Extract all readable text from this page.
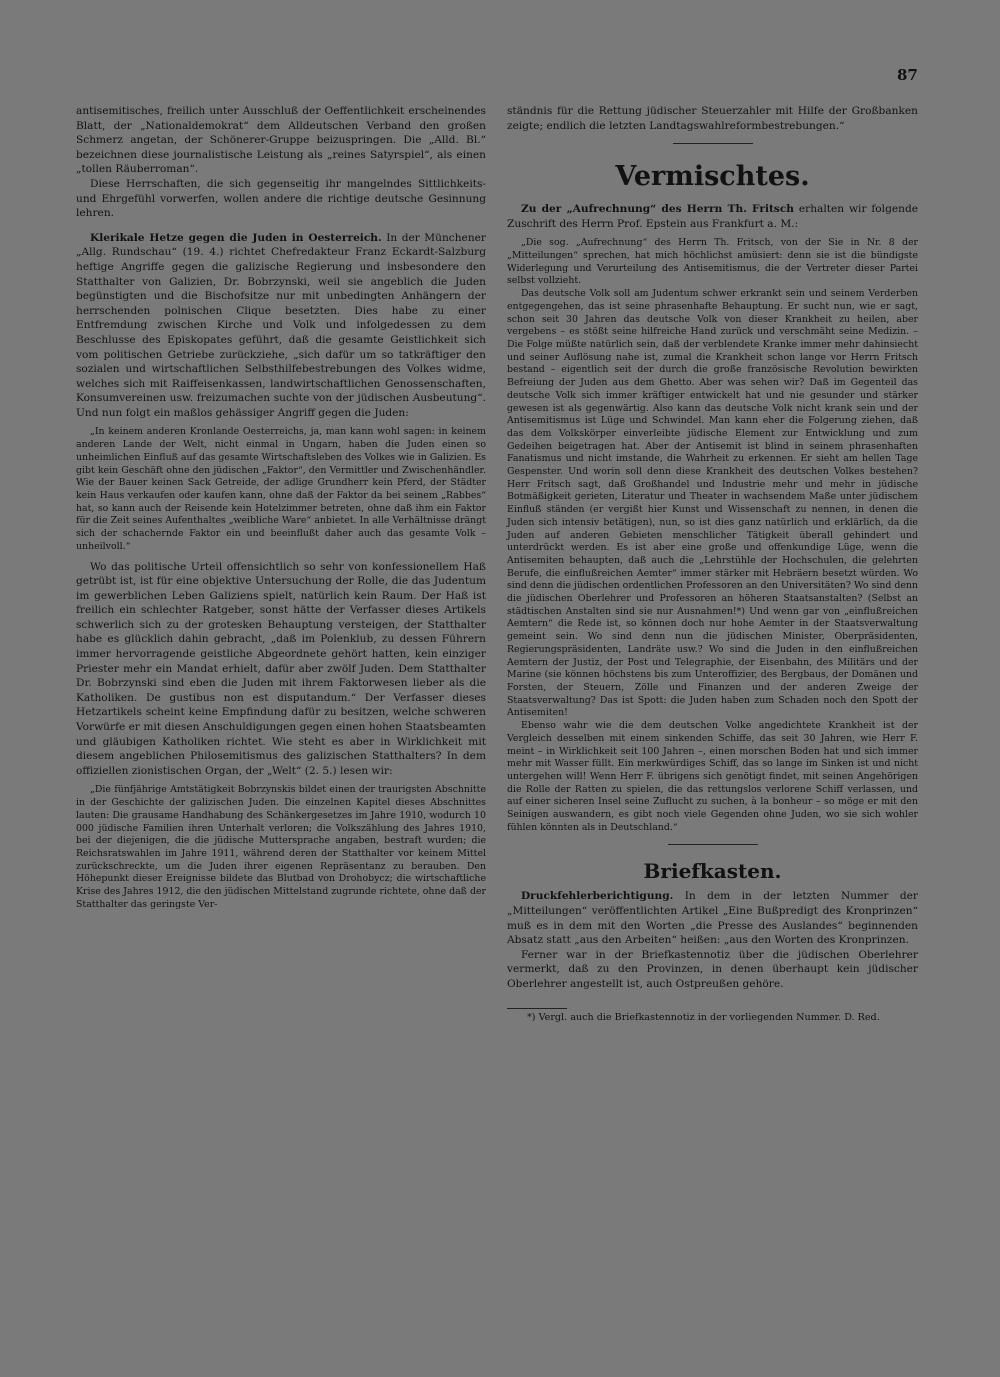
87

antisemitisches, freilich unter Ausschluß der Oeffentlichkeit erscheinendes Blatt, der „Nationaldemokrat“ dem Alldeutschen Verband den großen Schmerz angetan, der Schönerer-Gruppe beizuspringen. Die „Alld. Bl.“ bezeichnen diese journalistische Leistung als „reines Satyrspiel“, als einen „tollen Räuberroman“.

Diese Herrschaften, die sich gegenseitig ihr mangelndes Sittlichkeits- und Ehrgefühl vorwerfen, wollen andere die richtige deutsche Gesinnung lehren.

Klerikale Hetze gegen die Juden in Oesterreich. In der Münchener „Allg. Rundschau“ (19. 4.) richtet Chefredakteur Franz Eckardt-Salzburg heftige Angriffe gegen die galizische Regierung und insbesondere den Statthalter von Galizien, Dr. Bobrzynski, weil sie angeblich die Juden begünstigten und die Bischofsitze nur mit unbedingten Anhängern der herrschenden polnischen Clique besetzten. Dies habe zu einer Entfremdung zwischen Kirche und Volk und infolgedessen zu dem Beschlusse des Episkopates geführt, daß die gesamte Geistlichkeit sich vom politischen Getriebe zurückziehe, „sich dafür um so tatkräftiger den sozialen und wirtschaftlichen Selbsthilfebestrebungen des Volkes widme, welches sich mit Raiffeisenkassen, landwirtschaftlichen Genossenschaften, Konsumvereinen usw. freizumachen suchte von der jüdischen Ausbeutung“. Und nun folgt ein maßlos gehässiger Angriff gegen die Juden:

„In keinem anderen Kronlande Oesterreichs, ja, man kann wohl sagen: in keinem anderen Lande der Welt, nicht einmal in Ungarn, haben die Juden einen so unheimlichen Einfluß auf das gesamte Wirtschaftsleben des Volkes wie in Galizien. Es gibt kein Geschäft ohne den jüdischen „Faktor“, den Vermittler und Zwischenhändler. Wie der Bauer keinen Sack Getreide, der adlige Grundherr kein Pferd, der Städter kein Haus verkaufen oder kaufen kann, ohne daß der Faktor da bei seinem „Rabbes“ hat, so kann auch der Reisende kein Hotelzimmer betreten, ohne daß ihm ein Faktor für die Zeit seines Aufenthaltes „weibliche Ware“ anbietet. In alle Verhältnisse drängt sich der schachernde Faktor ein und beeinflußt daher auch das gesamte Volk – unheilvoll.“

Wo das politische Urteil offensichtlich so sehr von konfessionellem Haß getrübt ist, ist für eine objektive Untersuchung der Rolle, die das Judentum im gewerblichen Leben Galiziens spielt, natürlich kein Raum. Der Haß ist freilich ein schlechter Ratgeber, sonst hätte der Verfasser dieses Artikels schwerlich sich zu der grotesken Behauptung versteigen, der Statthalter habe es glücklich dahin gebracht, „daß im Polenklub, zu dessen Führern immer hervorragende geistliche Abgeordnete gehört hatten, kein einziger Priester mehr ein Mandat erhielt, dafür aber zwölf Juden. Dem Statthalter Dr. Bobrzynski sind eben die Juden mit ihrem Faktorwesen lieber als die Katholiken. De gustibus non est disputandum.“ Der Verfasser dieses Hetzartikels scheint keine Empfindung dafür zu besitzen, welche schweren Vorwürfe er mit diesen Anschuldigungen gegen einen hohen Staatsbeamten und gläubigen Katholiken richtet. Wie steht es aber in Wirklichkeit mit diesem angeblichen Philosemitismus des galizischen Statthalters? In dem offiziellen zionistischen Organ, der „Welt“ (2. 5.) lesen wir:

„Die fünfjährige Amtstätigkeit Bobrzynskis bildet einen der traurigsten Abschnitte in der Geschichte der galizischen Juden. Die einzelnen Kapitel dieses Abschnittes lauten: Die grausame Handhabung des Schänkergesetzes im Jahre 1910, wodurch 10 000 jüdische Familien ihren Unterhalt verloren; die Volkszählung des Jahres 1910, bei der diejenigen, die die jüdische Muttersprache angaben, bestraft wurden; die Reichsratswahlen im Jahre 1911, während deren der Statthalter vor keinem Mittel zurückschreckte, um die Juden ihrer eigenen Repräsentanz zu berauben. Den Höhepunkt dieser Ereignisse bildete das Blutbad von Drohobycz; die wirtschaftliche Krise des Jahres 1912, die den jüdischen Mittelstand zugrunde richtete, ohne daß der Statthalter das geringste Ver-

ständnis für die Rettung jüdischer Steuerzahler mit Hilfe der Großbanken zeigte; endlich die letzten Landtagswahlreformbestrebungen.“

Vermischtes.

Zu der „Aufrechnung“ des Herrn Th. Fritsch erhalten wir folgende Zuschrift des Herrn Prof. Epstein aus Frankfurt a. M.:

„Die sog. „Aufrechnung“ des Herrn Th. Fritsch, von der Sie in Nr. 8 der „Mitteilungen“ sprechen, hat mich höchlichst amüsiert: denn sie ist die bündigste Widerlegung und Verurteilung des Antisemitismus, die der Vertreter dieser Partei selbst vollzieht.

Das deutsche Volk soll am Judentum schwer erkrankt sein und seinem Verderben entgegengehen, das ist seine phrasenhafte Behauptung. Er sucht nun, wie er sagt, schon seit 30 Jahren das deutsche Volk von dieser Krankheit zu heilen, aber vergebens – es stößt seine hilfreiche Hand zurück und verschmäht seine Medizin. – Die Folge müßte natürlich sein, daß der verblendete Kranke immer mehr dahinsiecht und seiner Auflösung nahe ist, zumal die Krankheit schon lange vor Herrn Fritsch bestand – eigentlich seit der durch die große französische Revolution bewirkten Befreiung der Juden aus dem Ghetto. Aber was sehen wir? Daß im Gegenteil das deutsche Volk sich immer kräftiger entwickelt hat und nie gesunder und stärker gewesen ist als gegenwärtig. Also kann das deutsche Volk nicht krank sein und der Antisemitismus ist Lüge und Schwindel. Man kann eher die Folgerung ziehen, daß das dem Volkskörper einverleibte jüdische Element zur Entwicklung und zum Gedeihen beigetragen hat. Aber der Antisemit ist blind in seinem phrasenhaften Fanatismus und nicht imstande, die Wahrheit zu erkennen. Er sieht am hellen Tage Gespenster. Und worin soll denn diese Krankheit des deutschen Volkes bestehen? Herr Fritsch sagt, daß Großhandel und Industrie mehr und mehr in jüdische Botmäßigkeit gerieten, Literatur und Theater in wachsendem Maße unter jüdischem Einfluß ständen (er vergißt hier Kunst und Wissenschaft zu nennen, in denen die Juden sich intensiv betätigen), nun, so ist dies ganz natürlich und erklärlich, da die Juden auf anderen Gebieten menschlicher Tätigkeit überall gehindert und unterdrückt werden. Es ist aber eine große und offenkundige Lüge, wenn die Antisemiten behaupten, daß auch die „Lehrstühle der Hochschulen, die gelehrten Berufe, die einflußreichen Aemter“ immer stärker mit Hebräern besetzt würden. Wo sind denn die jüdischen ordentlichen Professoren an den Universitäten? Wo sind denn die jüdischen Oberlehrer und Professoren an höheren Staatsanstalten? (Selbst an städtischen Anstalten sind sie nur Ausnahmen!*) Und wenn gar von „einflußreichen Aemtern“ die Rede ist, so können doch nur hohe Aemter in der Staatsverwaltung gemeint sein. Wo sind denn nun die jüdischen Minister, Oberpräsidenten, Regierungspräsidenten, Landräte usw.? Wo sind die Juden in den einflußreichen Aemtern der Justiz, der Post und Telegraphie, der Eisenbahn, des Militärs und der Marine (sie können höchstens bis zum Unteroffizier, des Bergbaus, der Domänen und Forsten, der Steuern, Zölle und Finanzen und der anderen Zweige der Staatsverwaltung? Das ist Spott: die Juden haben zum Schaden noch den Spott der Antisemiten!

Ebenso wahr wie die dem deutschen Volke angedichtete Krankheit ist der Vergleich desselben mit einem sinkenden Schiffe, das seit 30 Jahren, wie Herr F. meint – in Wirklichkeit seit 100 Jahren –, einen morschen Boden hat und sich immer mehr mit Wasser füllt. Ein merkwürdiges Schiff, das so lange im Sinken ist und nicht untergehen will! Wenn Herr F. übrigens sich genötigt findet, mit seinen Angehörigen die Rolle der Ratten zu spielen, die das rettungslos verlorene Schiff verlassen, und auf einer sicheren Insel seine Zuflucht zu suchen, à la bonheur – so möge er mit den Seinigen auswandern, es gibt noch viele Gegenden ohne Juden, wo sie sich wohler fühlen könnten als in Deutschland.“

Briefkasten.

Druckfehlerberichtigung. In dem in der letzten Nummer der „Mitteilungen“ veröffentlichten Artikel „Eine Bußpredigt des Kronprinzen“ muß es in dem mit den Worten „die Presse des Auslandes“ beginnenden Absatz statt „aus den Arbeiten“ heißen: „aus den Worten des Kronprinzen.

Ferner war in der Briefkastennotiz über die jüdischen Oberlehrer vermerkt, daß zu den Provinzen, in denen überhaupt kein jüdischer Oberlehrer angestellt ist, auch Ostpreußen gehöre.

*) Vergl. auch die Briefkastennotiz in der vorliegenden Nummer. D. Red.
